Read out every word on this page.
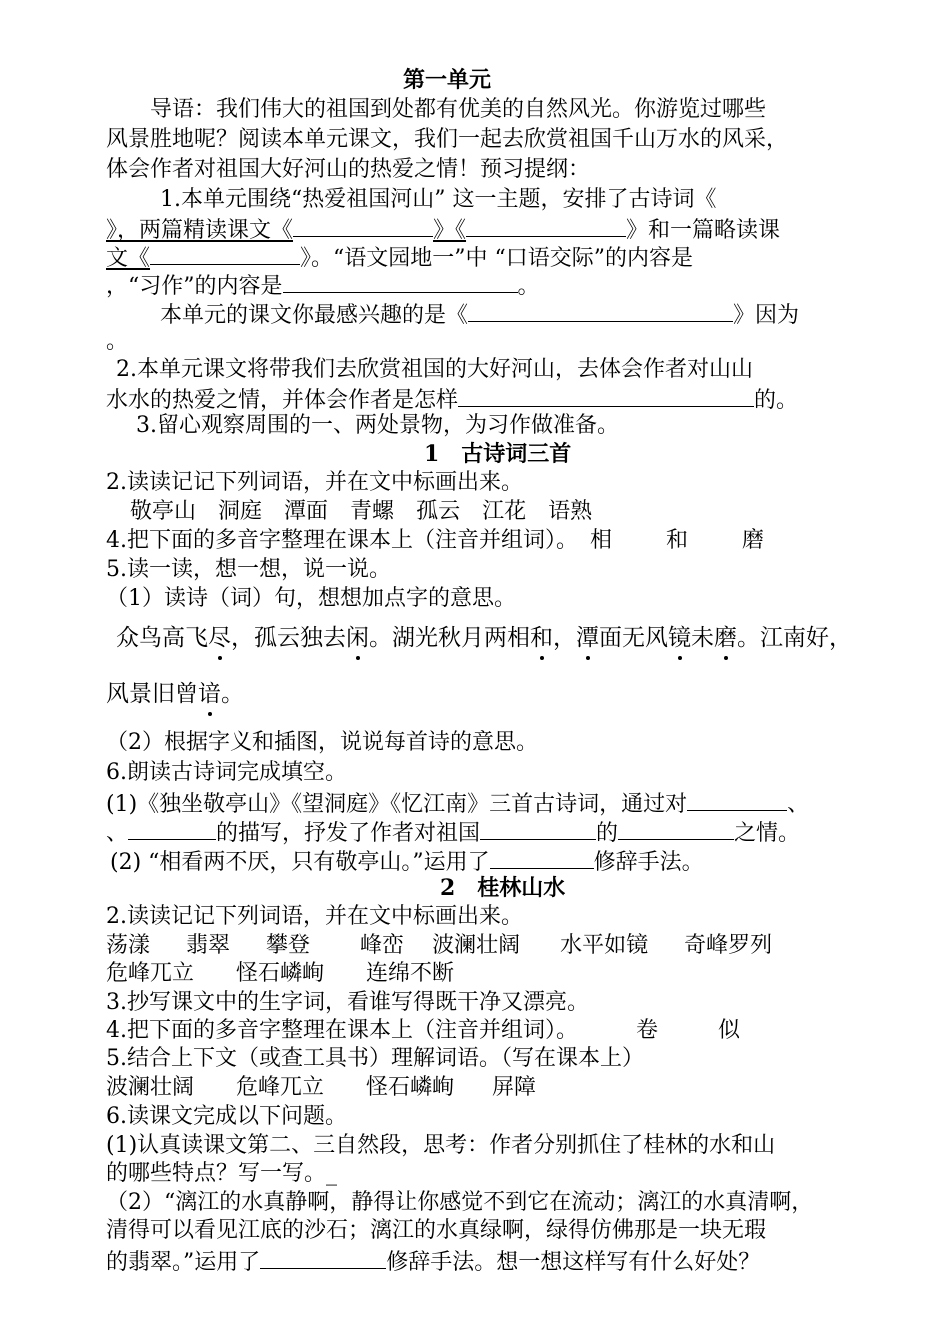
第一单元
导语：我们伟大的祖国到处都有优美的自然风光。你游览过哪些
风景胜地呢？阅读本单元课文，我们一起去欣赏祖国千山万水的风采，
体会作者对祖国大好河山的热爱之情！预习提纲：
1.本单元围绕“热爱祖国河山” 这一主题，安排了古诗词《
》，两篇精读课文《	》《	》和一篇略读课
文《	》。“语文园地一”中 “口语交际”的内容是
，“习作”的内容是	。
本单元的课文你最感兴趣的是《	》因为
。
2.本单元课文将带我们去欣赏祖国的大好河山，去体会作者对山山
水水的热爱之情，并体会作者是怎样	的。
3.留心观察周围的一、两处景物，为习作做准备。
1　古诗词三首
2.读读记记下列词语，并在文中标画出来。
敬亭山 洞庭 潭面 青螺 孤云 江花 语熟
4.把下面的多音字整理在课本上（注音并组词）。 相 和 磨
5.读一读，想一想，说一说。
（1）读诗（词）句，想想加点字的意思。
众鸟高飞尽，孤云独去闲。湖光秋月两相和，潭面无风镜未磨。江南好，
风景旧曾谙。
（2）根据字义和插图，说说每首诗的意思。
6.朗读古诗词完成填空。
(1)《独坐敬亭山》《望洞庭》《忆江南》三首古诗词，通过对	、
、	的描写，抒发了作者对祖国	的	之情。
(2) “相看两不厌，只有敬亭山。”运用了	修辞手法。
2　桂林山水
2.读读记记下列词语，并在文中标画出来。
荡漾 翡翠 攀登 峰峦 波澜壮阔 水平如镜 奇峰罗列
危峰兀立 怪石嶙峋 连绵不断
3.抄写课文中的生字词，看谁写得既干净又漂亮。
4.把下面的多音字整理在课本上（注音并组词）。	卷	似
5.结合上下文（或查工具书）理解词语。（写在课本上）
波澜壮阔 危峰兀立 怪石嶙峋 屏障
6.读课文完成以下问题。
(1)认真读课文第二、三自然段，思考：作者分别抓住了桂林的水和山
的哪些特点？写一写。_
（2）“漓江的水真静啊，静得让你感觉不到它在流动；漓江的水真清啊，
清得可以看见江底的沙石；漓江的水真绿啊，绿得仿佛那是一块无瑕
的翡翠。”运用了	修辞手法。想一想这样写有什么好处？
